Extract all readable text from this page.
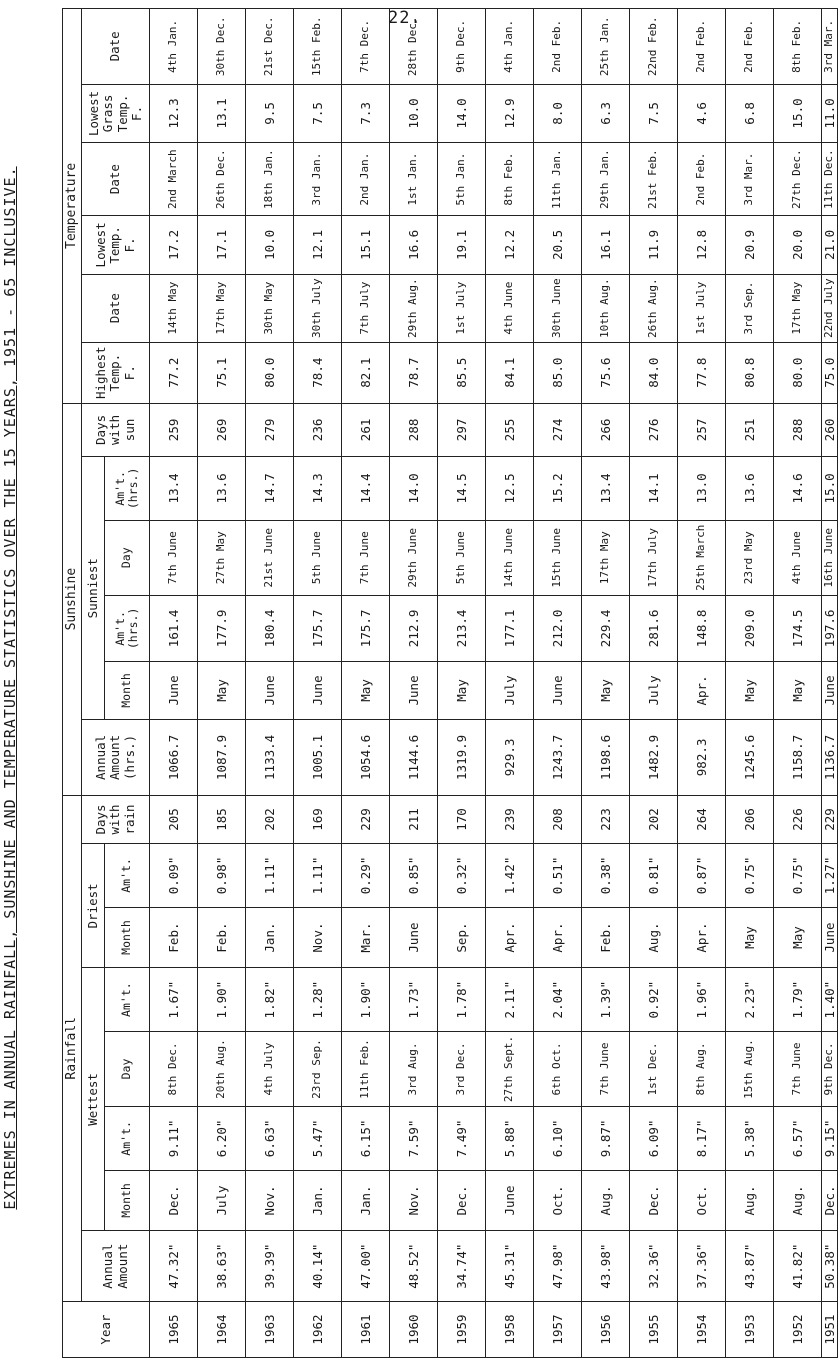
22.
EXTREMES IN ANNUAL RAINFALL, SUNSHINE AND TEMPERATURE STATISTICS OVER THE 15 YEARS, 1951 - 65 INCLUSIVE.
Year	Rainfall								Sunshine						Temperature					
	Annual Amount	Wettest				Driest		Days with rain	Annual Amount (hrs.)	Sunniest				Days with sun	Highest Temp. F.	Date	Lowest Temp. F.	Date	Lowest Grass Temp. F.	Date
		Month	Am't.	Day	Am't.	Month	Am't.			Month	Am't. (hrs.)	Day	Am't. (hrs.)							
1965	47.32"	Dec.	9.11"	8th Dec.	1.67"	Feb.	0.09"	205	1066.7	June	161.4	7th June	13.4	259	77.2	14th May	17.2	2nd March	12.3	4th Jan.
1964	38.63"	July	6.20"	20th Aug.	1.90"	Feb.	0.98"	185	1087.9	May	177.9	27th May	13.6	269	75.1	17th May	17.1	26th Dec.	13.1	30th Dec.
1963	39.39"	Nov.	6.63"	4th July	1.82"	Jan.	1.11"	202	1133.4	June	180.4	21st June	14.7	279	80.0	30th May	10.0	18th Jan.	9.5	21st Dec.
1962	40.14"	Jan.	5.47"	23rd Sep.	1.28"	Nov.	1.11"	169	1005.1	June	175.7	5th June	14.3	236	78.4	30th July	12.1	3rd Jan.	7.5	15th Feb.
1961	47.00"	Jan.	6.15"	11th Feb.	1.90"	Mar.	0.29"	229	1054.6	May	175.7	7th June	14.4	261	82.1	7th July	15.1	2nd Jan.	7.3	7th Dec.
1960	48.52"	Nov.	7.59"	3rd Aug.	1.73"	June	0.85"	211	1144.6	June	212.9	29th June	14.0	288	78.7	29th Aug.	16.6	1st Jan.	10.0	28th Dec.
1959	34.74"	Dec.	7.49"	3rd Dec.	1.78"	Sep.	0.32"	170	1319.9	May	213.4	5th June	14.5	297	85.5	1st July	19.1	5th Jan.	14.0	9th Dec.
1958	45.31"	June	5.88"	27th Sept.	2.11"	Apr.	1.42"	239	929.3	July	177.1	14th June	12.5	255	84.1	4th June	12.2	8th Feb.	12.9	4th Jan.
1957	47.98"	Oct.	6.10"	6th Oct.	2.04"	Apr.	0.51"	208	1243.7	June	212.0	15th June	15.2	274	85.0	30th June	20.5	11th Jan.	8.0	2nd Feb.
1956	43.98"	Aug.	9.87"	7th June	1.39"	Feb.	0.38"	223	1198.6	May	229.4	17th May	13.4	266	75.6	10th Aug.	16.1	29th Jan.	6.3	25th Jan.
1955	32.36"	Dec.	6.09"	1st Dec.	0.92"	Aug.	0.81"	202	1482.9	July	281.6	17th July	14.1	276	84.0	26th Aug.	11.9	21st Feb.	7.5	22nd Feb.
1954	37.36"	Oct.	8.17"	8th Aug.	1.96"	Apr.	0.87"	264	982.3	Apr.	148.8	25th March	13.0	257	77.8	1st July	12.8	2nd Feb.	4.6	2nd Feb.
1953	43.87"	Aug.	5.38"	15th Aug.	2.23"	May	0.75"	206	1245.6	May	209.0	23rd May	13.6	251	80.8	3rd Sep.	20.9	3rd Mar.	6.8	2nd Feb.
1952	41.82"	Aug.	6.57"	7th June	1.79"	May	0.75"	226	1158.7	May	174.5	4th June	14.6	288	80.0	17th May	20.0	27th Dec.	15.0	8th Feb.
1951	50.38"	Dec.	9.15"	9th Dec.	1.40"	June	1.27"	229	1136.7	June	197.6	16th June	15.0	260	75.0	22nd July	21.0	11th Dec.	11.0	3rd Mar.
